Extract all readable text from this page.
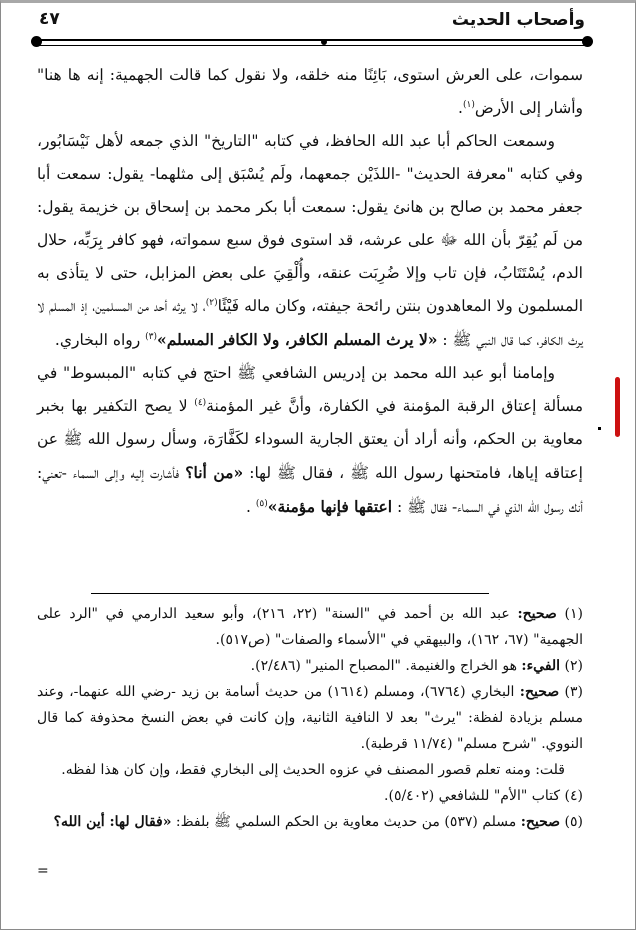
٤٧	وأصحاب الحديث

سموات، على العرش استوى، بَائِنًا منه خلقه، ولا نقول كما قالت الجهمية: إنه ها هنا" وأشار إلى الأرض$^{(١)}$.

وسمعت الحاكم أبا عبد الله الحافظ، في كتابه "التاريخ" الذي جمعه لأهل نَيْسَابُور، وفي كتابه "معرفة الحديث" -اللذَيْن جمعهما، ولَم يُسْبَق إلى مثلهما- يقول: سمعت أبا جعفر محمد بن صالح بن هانئ يقول: سمعت أبا بكر محمد بن إسحاق بن خزيمة يقول: من لَم يُقِرّ بأن الله ﷻ على عرشه، قد استوى فوق سبع سمواته، فهو كافر بِرَبِّه، حلال الدم، يُسْتَتَابُ، فإن تاب وإلا ضُرِبَت عنقه، وأُلْقِيَ على بعض المزابل، حتى لا يتأذى به المسلمون ولا المعاهدون بنتن رائحة جيفته، وكان ماله فَيْئًا$^{(٢)}$، لا يرثه أحد من المسلمين، إذ المسلم لا يرث الكافر، كما قال النبي ﷺ : «لا يرث المسلم الكافر، ولا الكافر المسلم»$^{(٣)}$ رواه البخاري.

وإمامنا أبو عبد الله محمد بن إدريس الشافعي ﷺ احتج في كتابه "المبسوط" في مسألة إعتاق الرقبة المؤمنة في الكفارة، وأنَّ غير المؤمنة$^{(٤)}$ لا يصح التكفير بها بخبر معاوية بن الحكم، وأنه أراد أن يعتق الجارية السوداء لكَفَّارَة، وسأل رسول الله ﷺ عن إعتاقه إياها، فامتحنها رسول الله ﷺ ، فقال ﷺ لها: «من أنا؟ فأشارت إليه وإلى السماء -تعني: أنك رسول الله الذي في السماء- فقال ﷺ : اعتقها فإنها مؤمنة»$^{(٥)}$ .

(١) صحيح: عبد الله بن أحمد في "السنة" (٢٢، ٢١٦)، وأبو سعيد الدارمي في "الرد على الجهمية" (٦٧، ١٦٢)، والبيهقي في "الأسماء والصفات" (ص٥١٧).

(٢) الفيء: هو الخراج والغنيمة. "المصباح المنير" (٢/٤٨٦).

(٣) صحيح: البخاري (٦٧٦٤)، ومسلم (١٦١٤) من حديث أسامة بن زيد -رضي الله عنهما-، وعند مسلم بزيادة لفظة: "يرث" بعد لا النافية الثانية، وإن كانت في بعض النسخ محذوفة كما قال النووي. "شرح مسلم" (١١/٧٤ قرطبة).

قلت: ومنه تعلم قصور المصنف في عزوه الحديث إلى البخاري فقط، وإن كان هذا لفظه.

(٤) كتاب "الأم" للشافعي (٥/٤٠٢).

(٥) صحيح: مسلم (٥٣٧) من حديث معاوية بن الحكم السلمي ﷺ بلفظ: «فقال لها: أين الله؟

=
